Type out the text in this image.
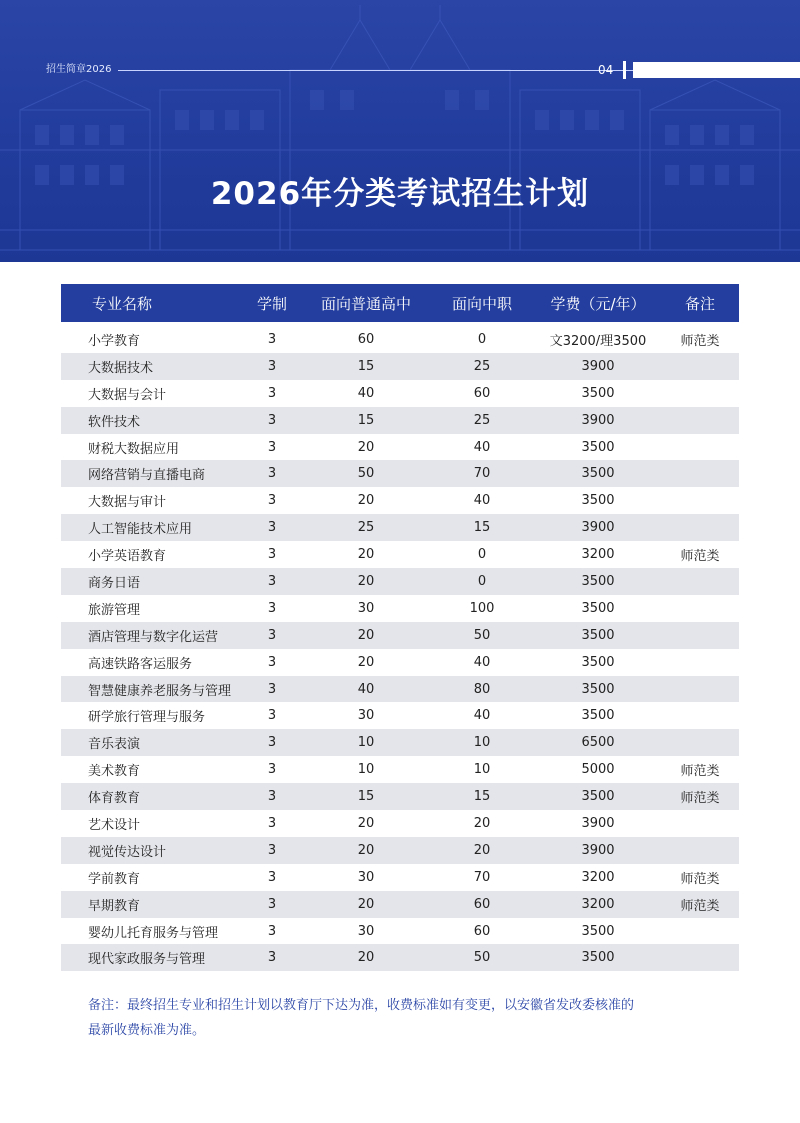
招生简章2026	04
2026年分类考试招生计划
专业名称	学制	面向普通高中	面向中职	学费（元/年）	备注
小学教育	3	60	0	文3200/理3500	师范类
大数据技术	3	15	25	3900	
大数据与会计	3	40	60	3500	
软件技术	3	15	25	3900	
财税大数据应用	3	20	40	3500	
网络营销与直播电商	3	50	70	3500	
大数据与审计	3	20	40	3500	
人工智能技术应用	3	25	15	3900	
小学英语教育	3	20	0	3200	师范类
商务日语	3	20	0	3500	
旅游管理	3	30	100	3500	
酒店管理与数字化运营	3	20	50	3500	
高速铁路客运服务	3	20	40	3500	
智慧健康养老服务与管理	3	40	80	3500	
研学旅行管理与服务	3	30	40	3500	
音乐表演	3	10	10	6500	
美术教育	3	10	10	5000	师范类
体育教育	3	15	15	3500	师范类
艺术设计	3	20	20	3900	
视觉传达设计	3	20	20	3900	
学前教育	3	30	70	3200	师范类
早期教育	3	20	60	3200	师范类
婴幼儿托育服务与管理	3	30	60	3500	
现代家政服务与管理	3	20	50	3500	
备注：最终招生专业和招生计划以教育厅下达为准，收费标准如有变更，以安徽省发改委核准的
最新收费标准为准。
